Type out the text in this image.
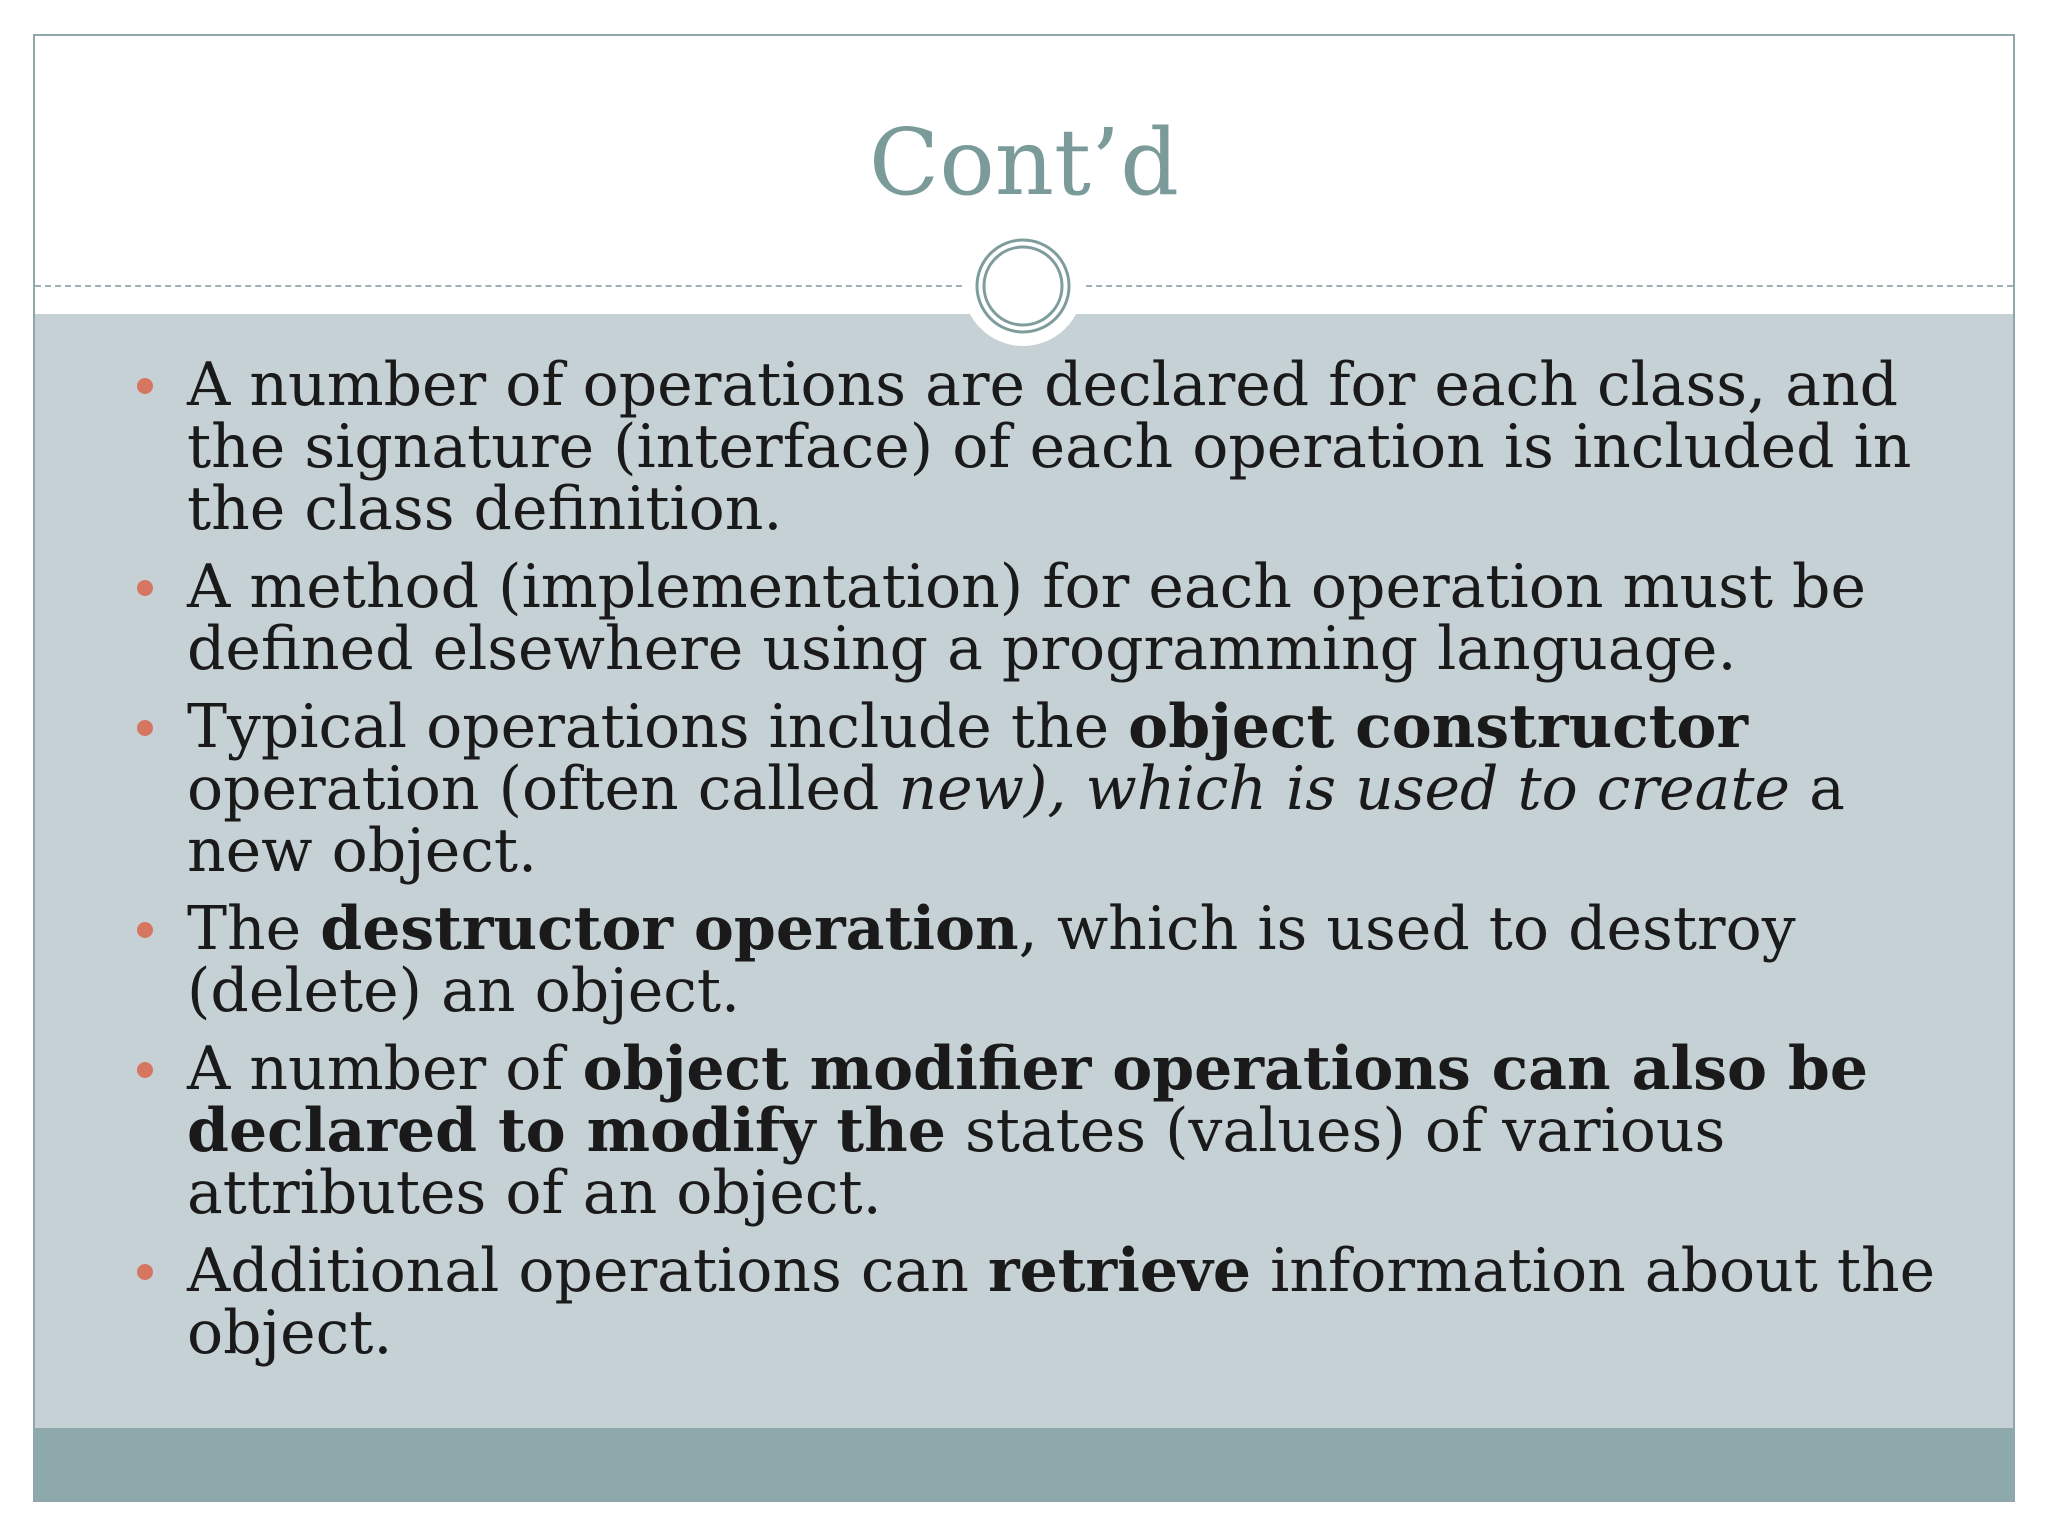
Cont’d
A number of operations are declared for each class, and the signature (interface) of each operation is included in the class definition.
A method (implementation) for each operation must be defined elsewhere using a programming language.
Typical operations include the object constructor operation (often called new), which is used to create a new object.
The destructor operation, which is used to destroy (delete) an object.
A number of object modifier operations can also be declared to modify the states (values) of various attributes of an object.
Additional operations can retrieve information about the object.
